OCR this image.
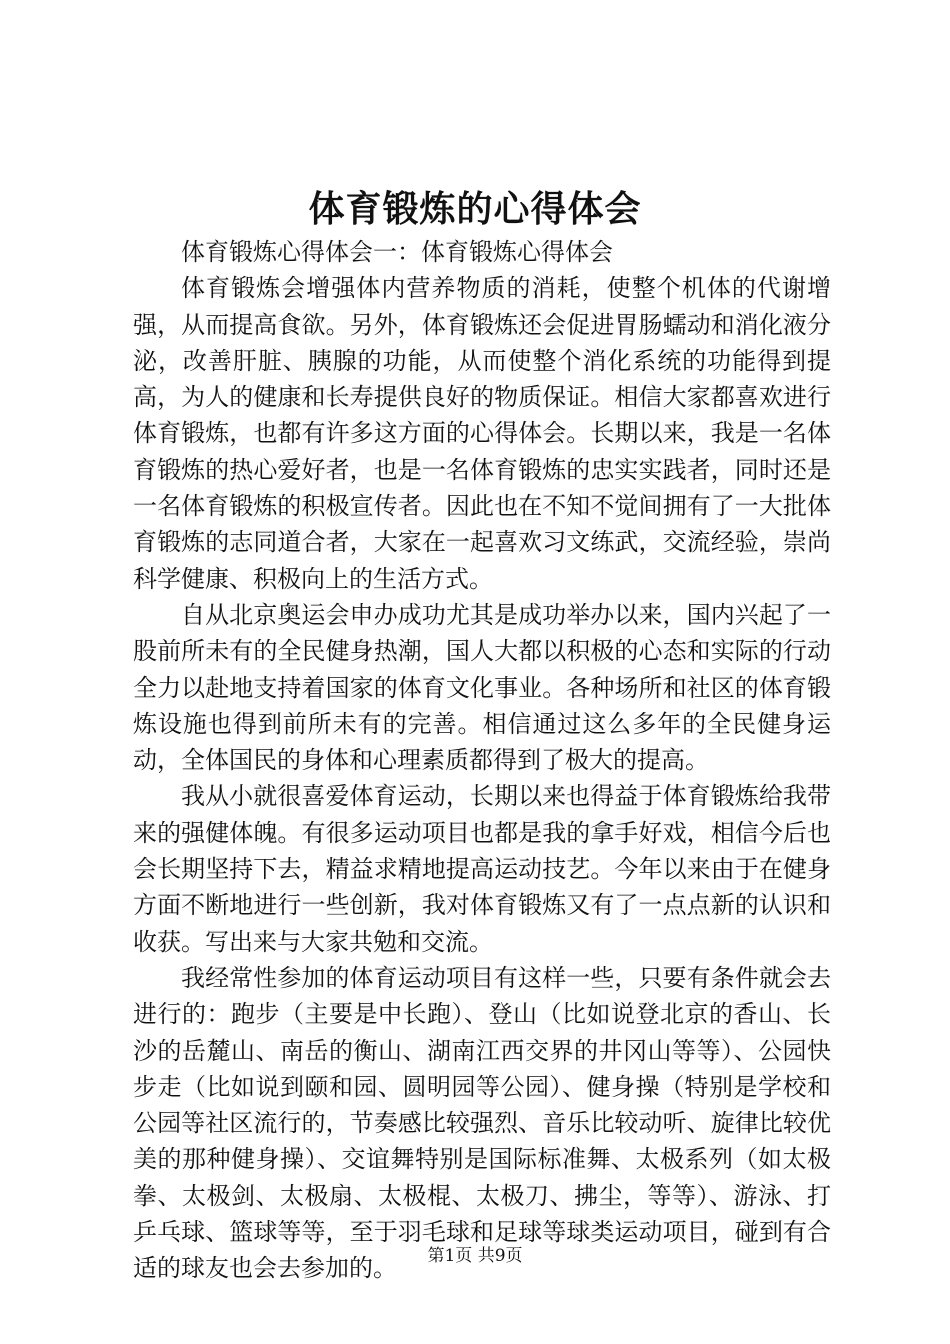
体育锻炼的心得体会

体育锻炼心得体会一：体育锻炼心得体会

体育锻炼会增强体内营养物质的消耗，使整个机体的代谢增强，从而提高食欲。另外，体育锻炼还会促进胃肠蠕动和消化液分泌，改善肝脏、胰腺的功能，从而使整个消化系统的功能得到提高，为人的健康和长寿提供良好的物质保证。相信大家都喜欢进行体育锻炼，也都有许多这方面的心得体会。长期以来，我是一名体育锻炼的热心爱好者，也是一名体育锻炼的忠实实践者，同时还是一名体育锻炼的积极宣传者。因此也在不知不觉间拥有了一大批体育锻炼的志同道合者，大家在一起喜欢习文练武，交流经验，崇尚科学健康、积极向上的生活方式。

自从北京奥运会申办成功尤其是成功举办以来，国内兴起了一股前所未有的全民健身热潮，国人大都以积极的心态和实际的行动全力以赴地支持着国家的体育文化事业。各种场所和社区的体育锻炼设施也得到前所未有的完善。相信通过这么多年的全民健身运动，全体国民的身体和心理素质都得到了极大的提高。

我从小就很喜爱体育运动，长期以来也得益于体育锻炼给我带来的强健体魄。有很多运动项目也都是我的拿手好戏，相信今后也会长期坚持下去，精益求精地提高运动技艺。今年以来由于在健身方面不断地进行一些创新，我对体育锻炼又有了一点点新的认识和收获。写出来与大家共勉和交流。

我经常性参加的体育运动项目有这样一些，只要有条件就会去进行的：跑步（主要是中长跑）、登山（比如说登北京的香山、长沙的岳麓山、南岳的衡山、湖南江西交界的井冈山等等）、公园快步走（比如说到颐和园、圆明园等公园）、健身操（特别是学校和公园等社区流行的，节奏感比较强烈、音乐比较动听、旋律比较优美的那种健身操）、交谊舞特别是国际标准舞、太极系列（如太极拳、太极剑、太极扇、太极棍、太极刀、拂尘，等等）、游泳、打乒乓球、篮球等等，至于羽毛球和足球等球类运动项目，碰到有合适的球友也会去参加的。	第1页 共9页
